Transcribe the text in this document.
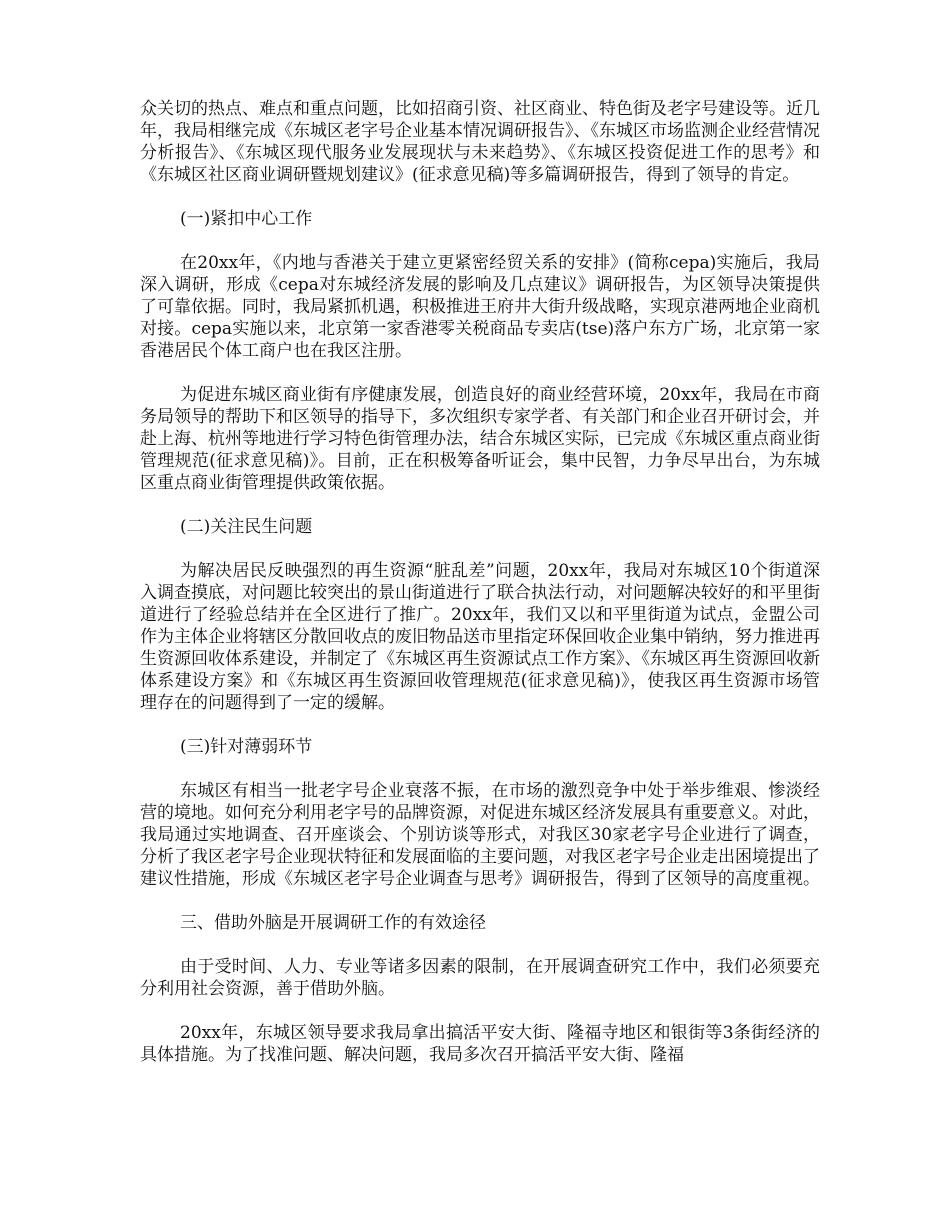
众关切的热点、难点和重点问题，比如招商引资、社区商业、特色街及老字号建设等。近几年，我局相继完成《东城区老字号企业基本情况调研报告》、《东城区市场监测企业经营情况分析报告》、《东城区现代服务业发展现状与未来趋势》、《东城区投资促进工作的思考》和《东城区社区商业调研暨规划建议》(征求意见稿)等多篇调研报告，得到了领导的肯定。

(一)紧扣中心工作

在20xx年，《内地与香港关于建立更紧密经贸关系的安排》(简称cepa)实施后，我局深入调研，形成《cepa对东城经济发展的影响及几点建议》调研报告，为区领导决策提供了可靠依据。同时，我局紧抓机遇，积极推进王府井大街升级战略，实现京港两地企业商机对接。cepa实施以来，北京第一家香港零关税商品专卖店(tse)落户东方广场，北京第一家香港居民个体工商户也在我区注册。

为促进东城区商业街有序健康发展，创造良好的商业经营环境，20xx年，我局在市商务局领导的帮助下和区领导的指导下，多次组织专家学者、有关部门和企业召开研讨会，并赴上海、杭州等地进行学习特色街管理办法，结合东城区实际，已完成《东城区重点商业街管理规范(征求意见稿)》。目前，正在积极筹备听证会，集中民智，力争尽早出台，为东城区重点商业街管理提供政策依据。

(二)关注民生问题

为解决居民反映强烈的再生资源“脏乱差”问题，20xx年，我局对东城区10个街道深入调查摸底，对问题比较突出的景山街道进行了联合执法行动，对问题解决较好的和平里街道进行了经验总结并在全区进行了推广。20xx年，我们又以和平里街道为试点，金盟公司作为主体企业将辖区分散回收点的废旧物品送市里指定环保回收企业集中销纳，努力推进再生资源回收体系建设，并制定了《东城区再生资源试点工作方案》、《东城区再生资源回收新体系建设方案》和《东城区再生资源回收管理规范(征求意见稿)》，使我区再生资源市场管理存在的问题得到了一定的缓解。

(三)针对薄弱环节

东城区有相当一批老字号企业衰落不振，在市场的激烈竞争中处于举步维艰、惨淡经营的境地。如何充分利用老字号的品牌资源，对促进东城区经济发展具有重要意义。对此，我局通过实地调查、召开座谈会、个别访谈等形式，对我区30家老字号企业进行了调查，分析了我区老字号企业现状特征和发展面临的主要问题，对我区老字号企业走出困境提出了建议性措施，形成《东城区老字号企业调查与思考》调研报告，得到了区领导的高度重视。

三、借助外脑是开展调研工作的有效途径

由于受时间、人力、专业等诸多因素的限制，在开展调查研究工作中，我们必须要充分利用社会资源，善于借助外脑。

20xx年，东城区领导要求我局拿出搞活平安大街、隆福寺地区和银街等3条街经济的具体措施。为了找准问题、解决问题，我局多次召开搞活平安大街、隆福
